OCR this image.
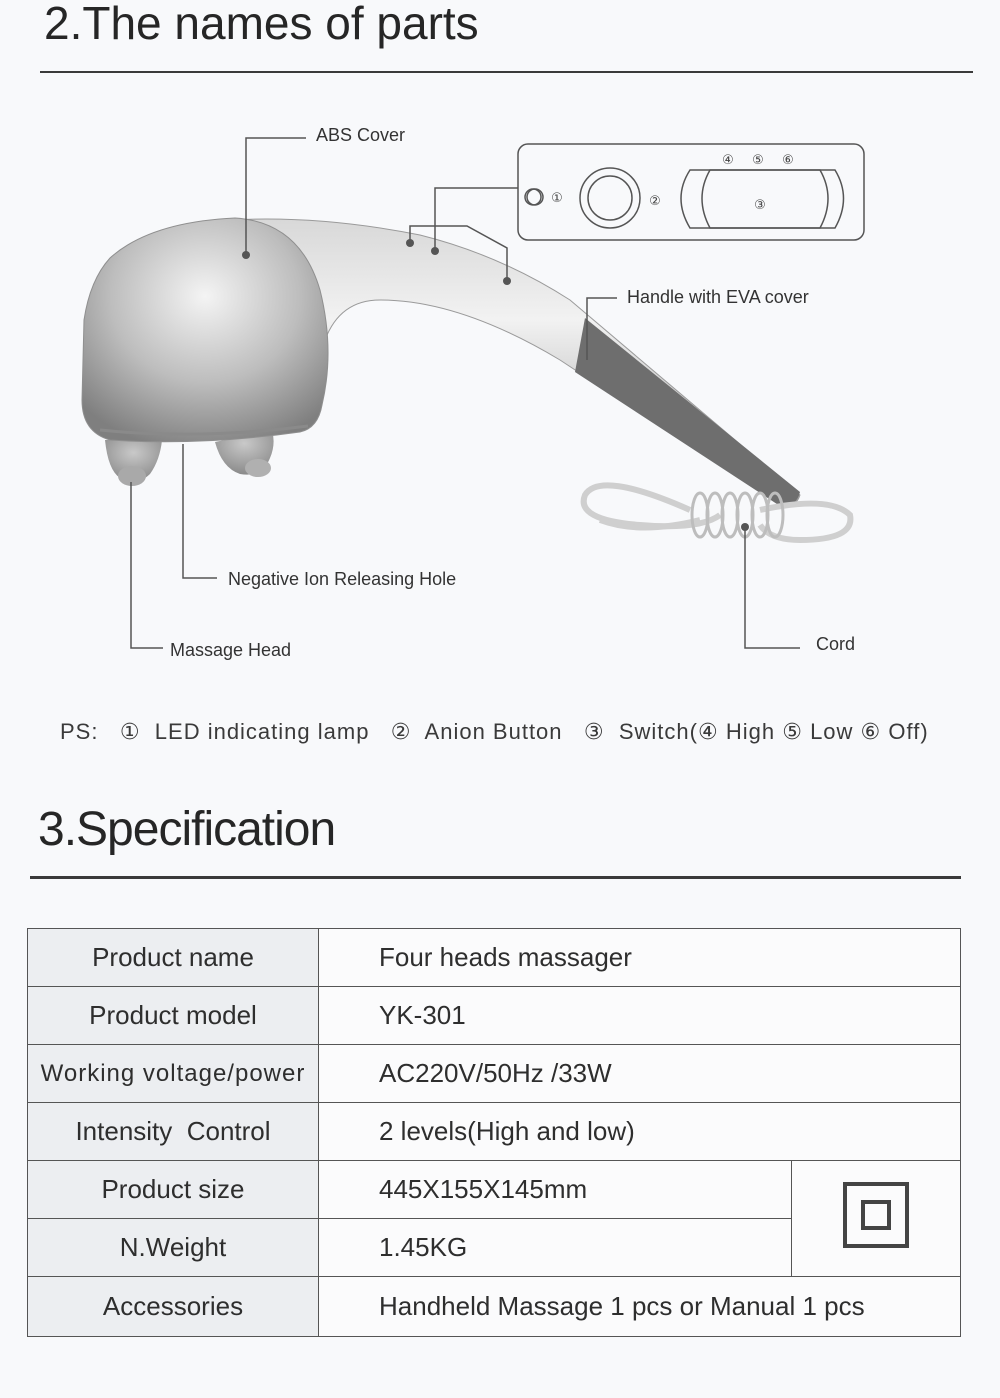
2.The names of parts
①	②	③
④ ⑤ ⑥
ABS Cover
Handle with EVA cover
Negative Ion Releasing Hole
Massage Head	Cord
PS: ① LED indicating lamp ② Anion Button ③ Switch(④ High ⑤ Low ⑥ Off)
3.Specification
Product name	Four heads massager	
Product model	YK-301	
Working voltage/power	AC220V/50Hz /33W	
Intensity  Control	2 levels(High and low)	
Product size	445X155X145mm	
N.Weight	1.45KG	
Accessories	Handheld Massage 1 pcs or Manual 1 pcs	
